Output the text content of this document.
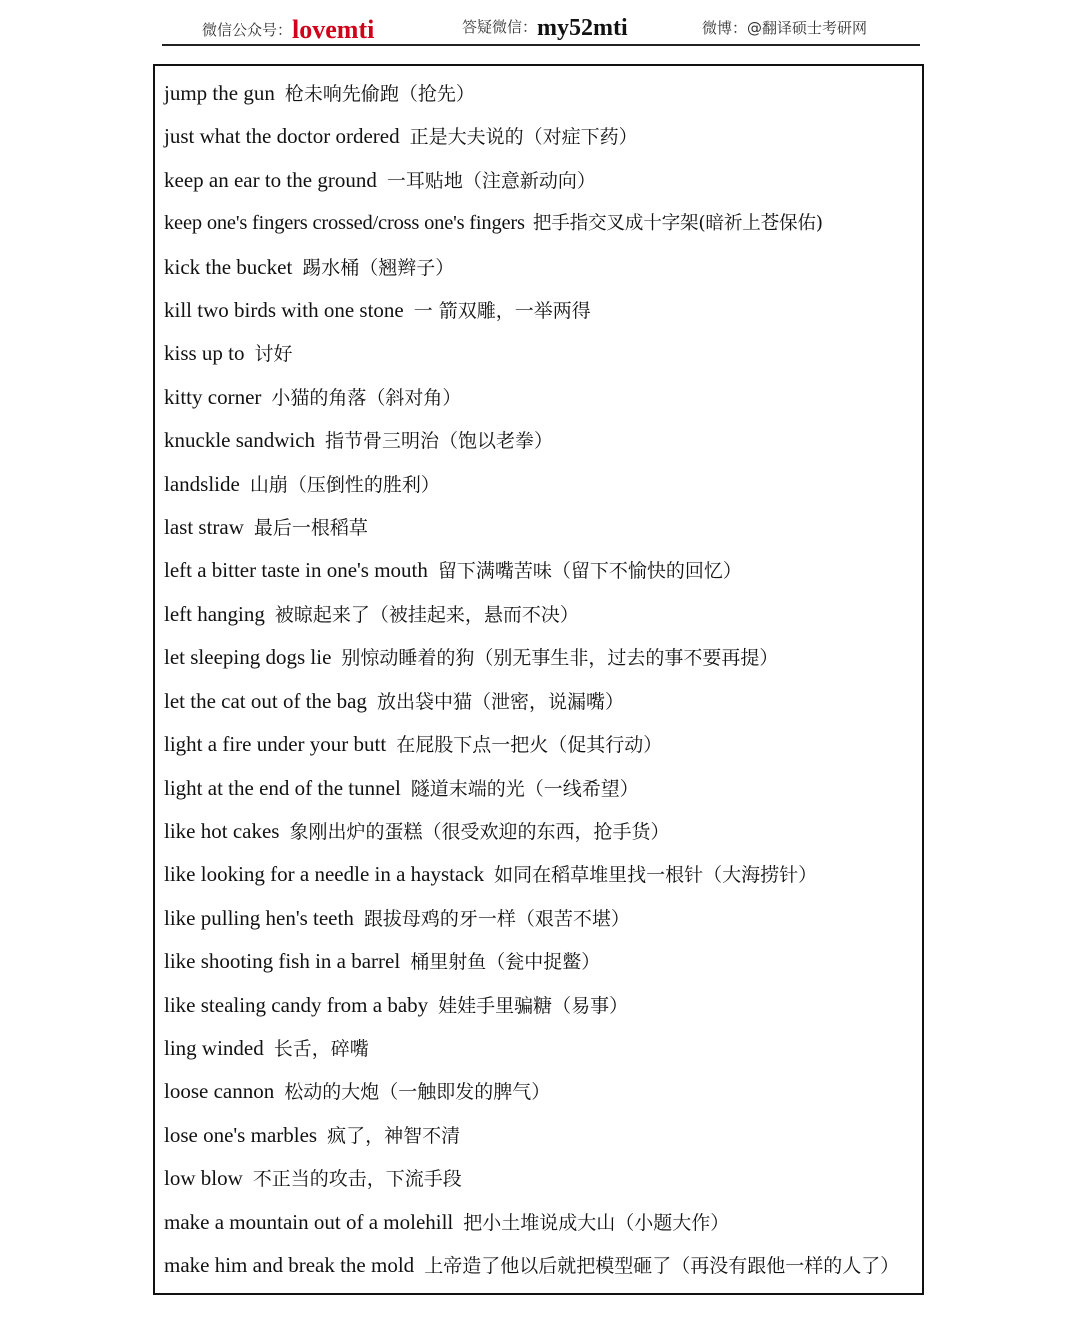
微信公众号：lovemti	答疑微信：my52mti	微博：@翻译硕士考研网
jump the gun 枪未响先偷跑（抢先）
just what the doctor ordered 正是大夫说的（对症下药）
keep an ear to the ground 一耳贴地（注意新动向）
keep one's fingers crossed/cross one's fingers 把手指交叉成十字架(暗祈上苍保佑)
kick the bucket 踢水桶（翘辫子）
kill two birds with one stone 一 箭双雕，一举两得
kiss up to 讨好
kitty corner 小猫的角落（斜对角）
knuckle sandwich 指节骨三明治（饱以老拳）
landslide 山崩（压倒性的胜利）
last straw 最后一根稻草
left a bitter taste in one's mouth 留下满嘴苦味（留下不愉快的回忆）
left hanging 被晾起来了（被挂起来，悬而不决）
let sleeping dogs lie 别惊动睡着的狗（别无事生非，过去的事不要再提）
let the cat out of the bag 放出袋中猫（泄密，说漏嘴）
light a fire under your butt 在屁股下点一把火（促其行动）
light at the end of the tunnel 隧道末端的光（一线希望）
like hot cakes 象刚出炉的蛋糕（很受欢迎的东西，抢手货）
like looking for a needle in a haystack 如同在稻草堆里找一根针（大海捞针）
like pulling hen's teeth 跟拔母鸡的牙一样（艰苦不堪）
like shooting fish in a barrel 桶里射鱼（瓮中捉鳖）
like stealing candy from a baby 娃娃手里骗糖（易事）
ling winded 长舌，碎嘴
loose cannon 松动的大炮（一触即发的脾气）
lose one's marbles 疯了，神智不清
low blow 不正当的攻击，下流手段
make a mountain out of a molehill 把小土堆说成大山（小题大作）
make him and break the mold 上帝造了他以后就把模型砸了（再没有跟他一样的人了）
